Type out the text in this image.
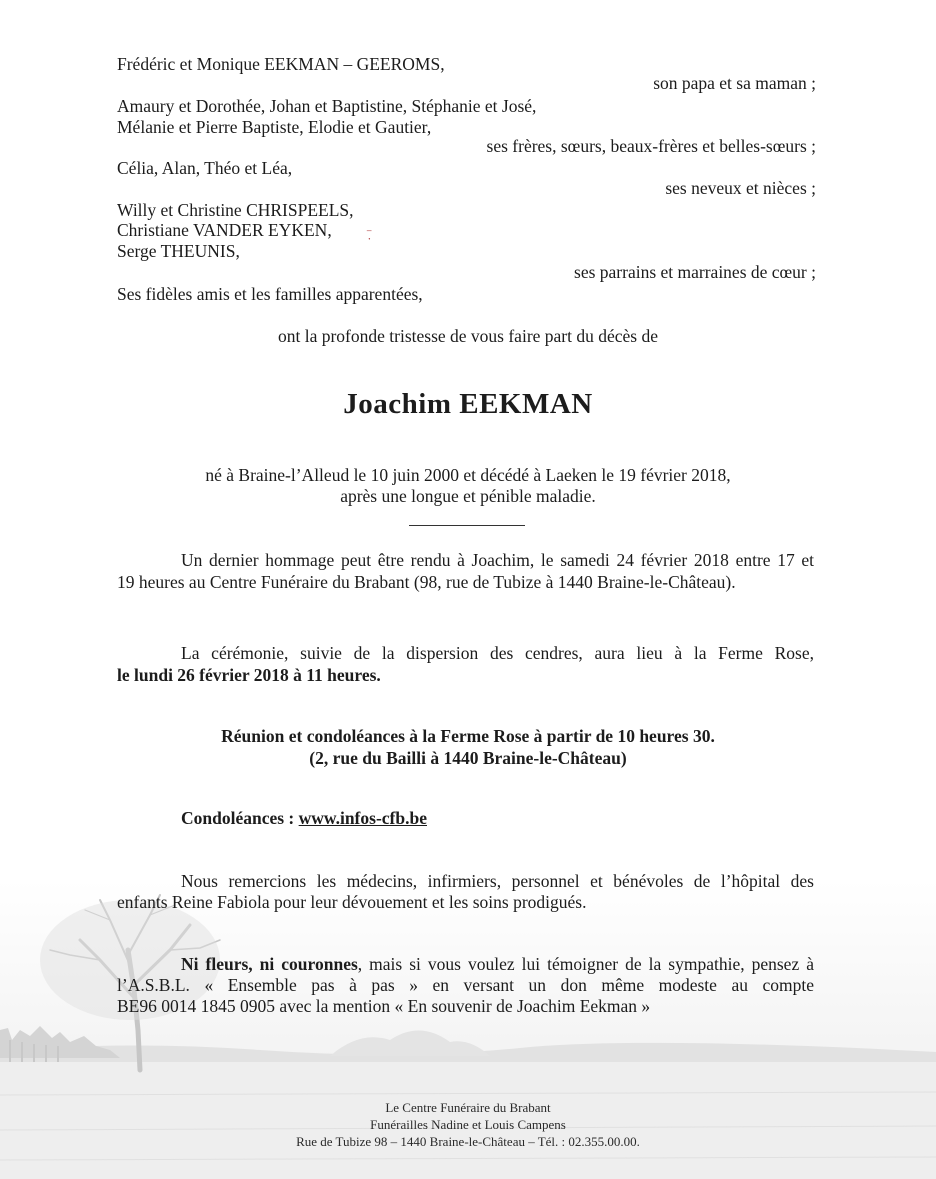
Frédéric et Monique EEKMAN – GEEROMS,
son papa et sa maman ;
Amaury et Dorothée, Johan et Baptistine, Stéphanie et José,
Mélanie et Pierre Baptiste, Elodie et Gautier,
ses frères, sœurs, beaux-frères et belles-sœurs ;
Célia, Alan, Théo et Léa,
ses neveux et nièces ;
Willy et Christine CHRISPEELS,
Christiane VANDER EYKEN,	⁻̣
Serge THEUNIS,
ses parrains et marraines de cœur ;
Ses fidèles amis et les familles apparentées,
ont la profonde tristesse de vous faire part du décès de
Joachim EEKMAN
né à Braine-l’Alleud le 10 juin 2000 et décédé à Laeken le 19 février 2018,
après une longue et pénible maladie.
Un dernier hommage peut être rendu à Joachim, le samedi 24 février 2018 entre 17 et
19 heures au Centre Funéraire du Brabant (98, rue de Tubize à 1440 Braine-le-Château).
La cérémonie, suivie de la dispersion des cendres, aura lieu à la Ferme Rose,
le lundi 26 février 2018 à 11 heures.
Réunion et condoléances à la Ferme Rose à partir de 10 heures 30.
(2, rue du Bailli à 1440 Braine-le-Château)
Condoléances : www.infos-cfb.be
Nous remercions les médecins, infirmiers, personnel et bénévoles de l’hôpital des
enfants Reine Fabiola pour leur dévouement et les soins prodigués.
Ni fleurs, ni couronnes, mais si vous voulez lui témoigner de la sympathie, pensez à
l’A.S.B.L. « Ensemble pas à pas » en versant un don même modeste au compte
BE96 0014 1845 0905 avec la mention « En souvenir de Joachim Eekman »
Le Centre Funéraire du Brabant
Funérailles Nadine et Louis Campens
Rue de Tubize 98 – 1440 Braine-le-Château – Tél. : 02.355.00.00.
